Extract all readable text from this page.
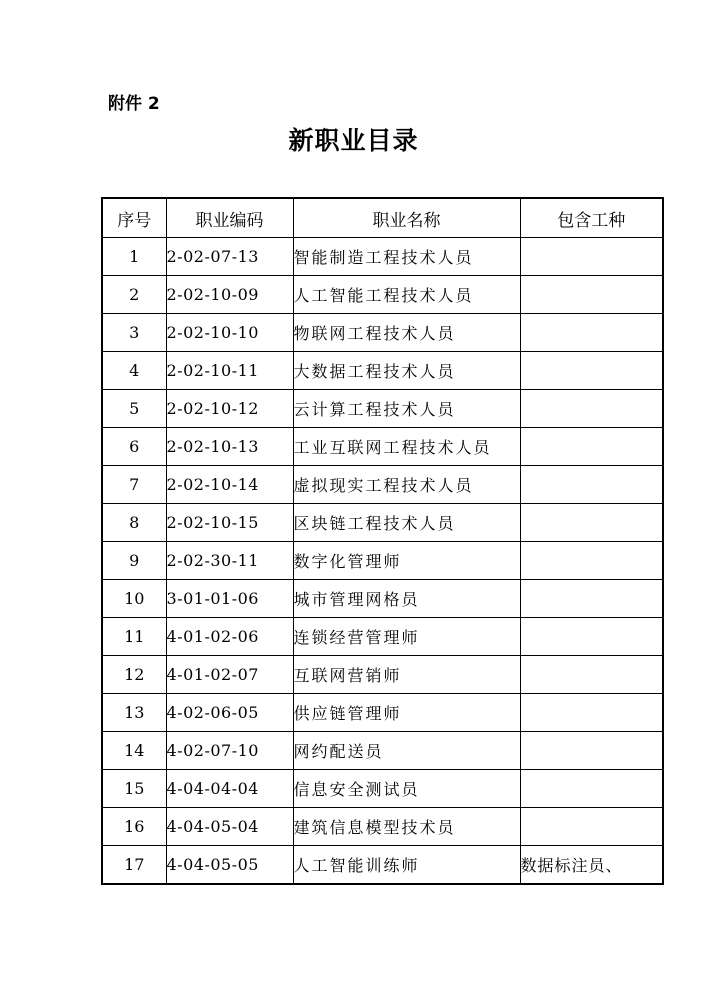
附件 2
新职业目录
序号	职业编码	职业名称	包含工种
1	2-02-07-13	智能制造工程技术人员	
2	2-02-10-09	人工智能工程技术人员	
3	2-02-10-10	物联网工程技术人员	
4	2-02-10-11	大数据工程技术人员	
5	2-02-10-12	云计算工程技术人员	
6	2-02-10-13	工业互联网工程技术人员	
7	2-02-10-14	虚拟现实工程技术人员	
8	2-02-10-15	区块链工程技术人员	
9	2-02-30-11	数字化管理师	
10	3-01-01-06	城市管理网格员	
11	4-01-02-06	连锁经营管理师	
12	4-01-02-07	互联网营销师	
13	4-02-06-05	供应链管理师	
14	4-02-07-10	网约配送员	
15	4-04-04-04	信息安全测试员	
16	4-04-05-04	建筑信息模型技术员	
17	4-04-05-05	人工智能训练师	数据标注员、
